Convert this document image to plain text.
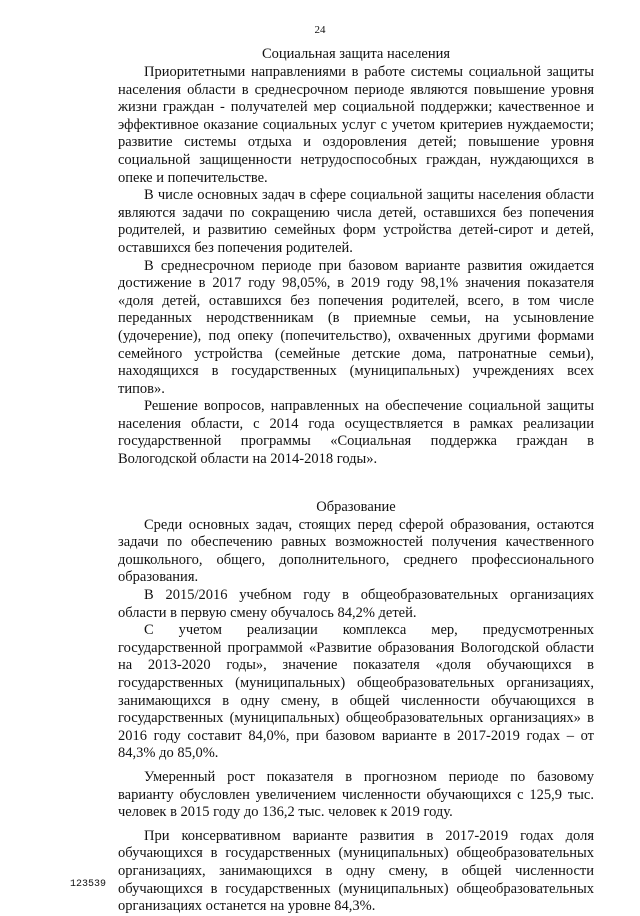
24
Социальная защита населения

Приоритетными направлениями в работе системы социальной защиты населения области в среднесрочном периоде являются повышение уровня жизни граждан - получателей мер социальной поддержки; качественное и эффективное оказание социальных услуг с учетом критериев нуждаемости; развитие системы отдыха и оздоровления детей; повышение уровня социальной защищенности нетрудоспособных граждан, нуждающихся в опеке и попечительстве.

В числе основных задач в сфере социальной защиты населения области являются задачи по сокращению числа детей, оставшихся без попечения родителей, и развитию семейных форм устройства детей-сирот и детей, оставшихся без попечения родителей.

В среднесрочном периоде при базовом варианте развития ожидается достижение в 2017 году 98,05%, в 2019 году 98,1% значения показателя «доля детей, оставшихся без попечения родителей, всего, в том числе переданных неродственникам (в приемные семьи, на усыновление (удочерение), под опеку (попечительство), охваченных другими формами семейного устройства (семейные детские дома, патронатные семьи), находящихся в государственных (муниципальных) учреждениях всех типов».

Решение вопросов, направленных на обеспечение социальной защиты населения области, с 2014 года осуществляется в рамках реализации государственной программы «Социальная поддержка граждан в Вологодской области на 2014-2018 годы».

Образование

Среди основных задач, стоящих перед сферой образования, остаются задачи по обеспечению равных возможностей получения качественного дошкольного, общего, дополнительного, среднего профессионального образования.

В 2015/2016 учебном году в общеобразовательных организациях области в первую смену обучалось 84,2% детей.

С учетом реализации комплекса мер, предусмотренных государственной программой «Развитие образования Вологодской области на 2013-2020 годы», значение показателя «доля обучающихся в государственных (муниципальных) общеобразовательных организациях, занимающихся в одну смену, в общей численности обучающихся в государственных (муниципальных) общеобразовательных организациях» в 2016 году составит 84,0%, при базовом варианте в 2017-2019 годах – от 84,3% до 85,0%.

Умеренный рост показателя в прогнозном периоде по базовому варианту обусловлен увеличением численности обучающихся с 125,9 тыс. человек в 2015 году до 136,2 тыс. человек к 2019 году.

При консервативном варианте развития в 2017-2019 годах доля обучающихся в государственных (муниципальных) общеобразовательных организациях, занимающихся в одну смену, в общей численности обучающихся в государственных (муниципальных) общеобразовательных организациях останется на уровне 84,3%.

123539
